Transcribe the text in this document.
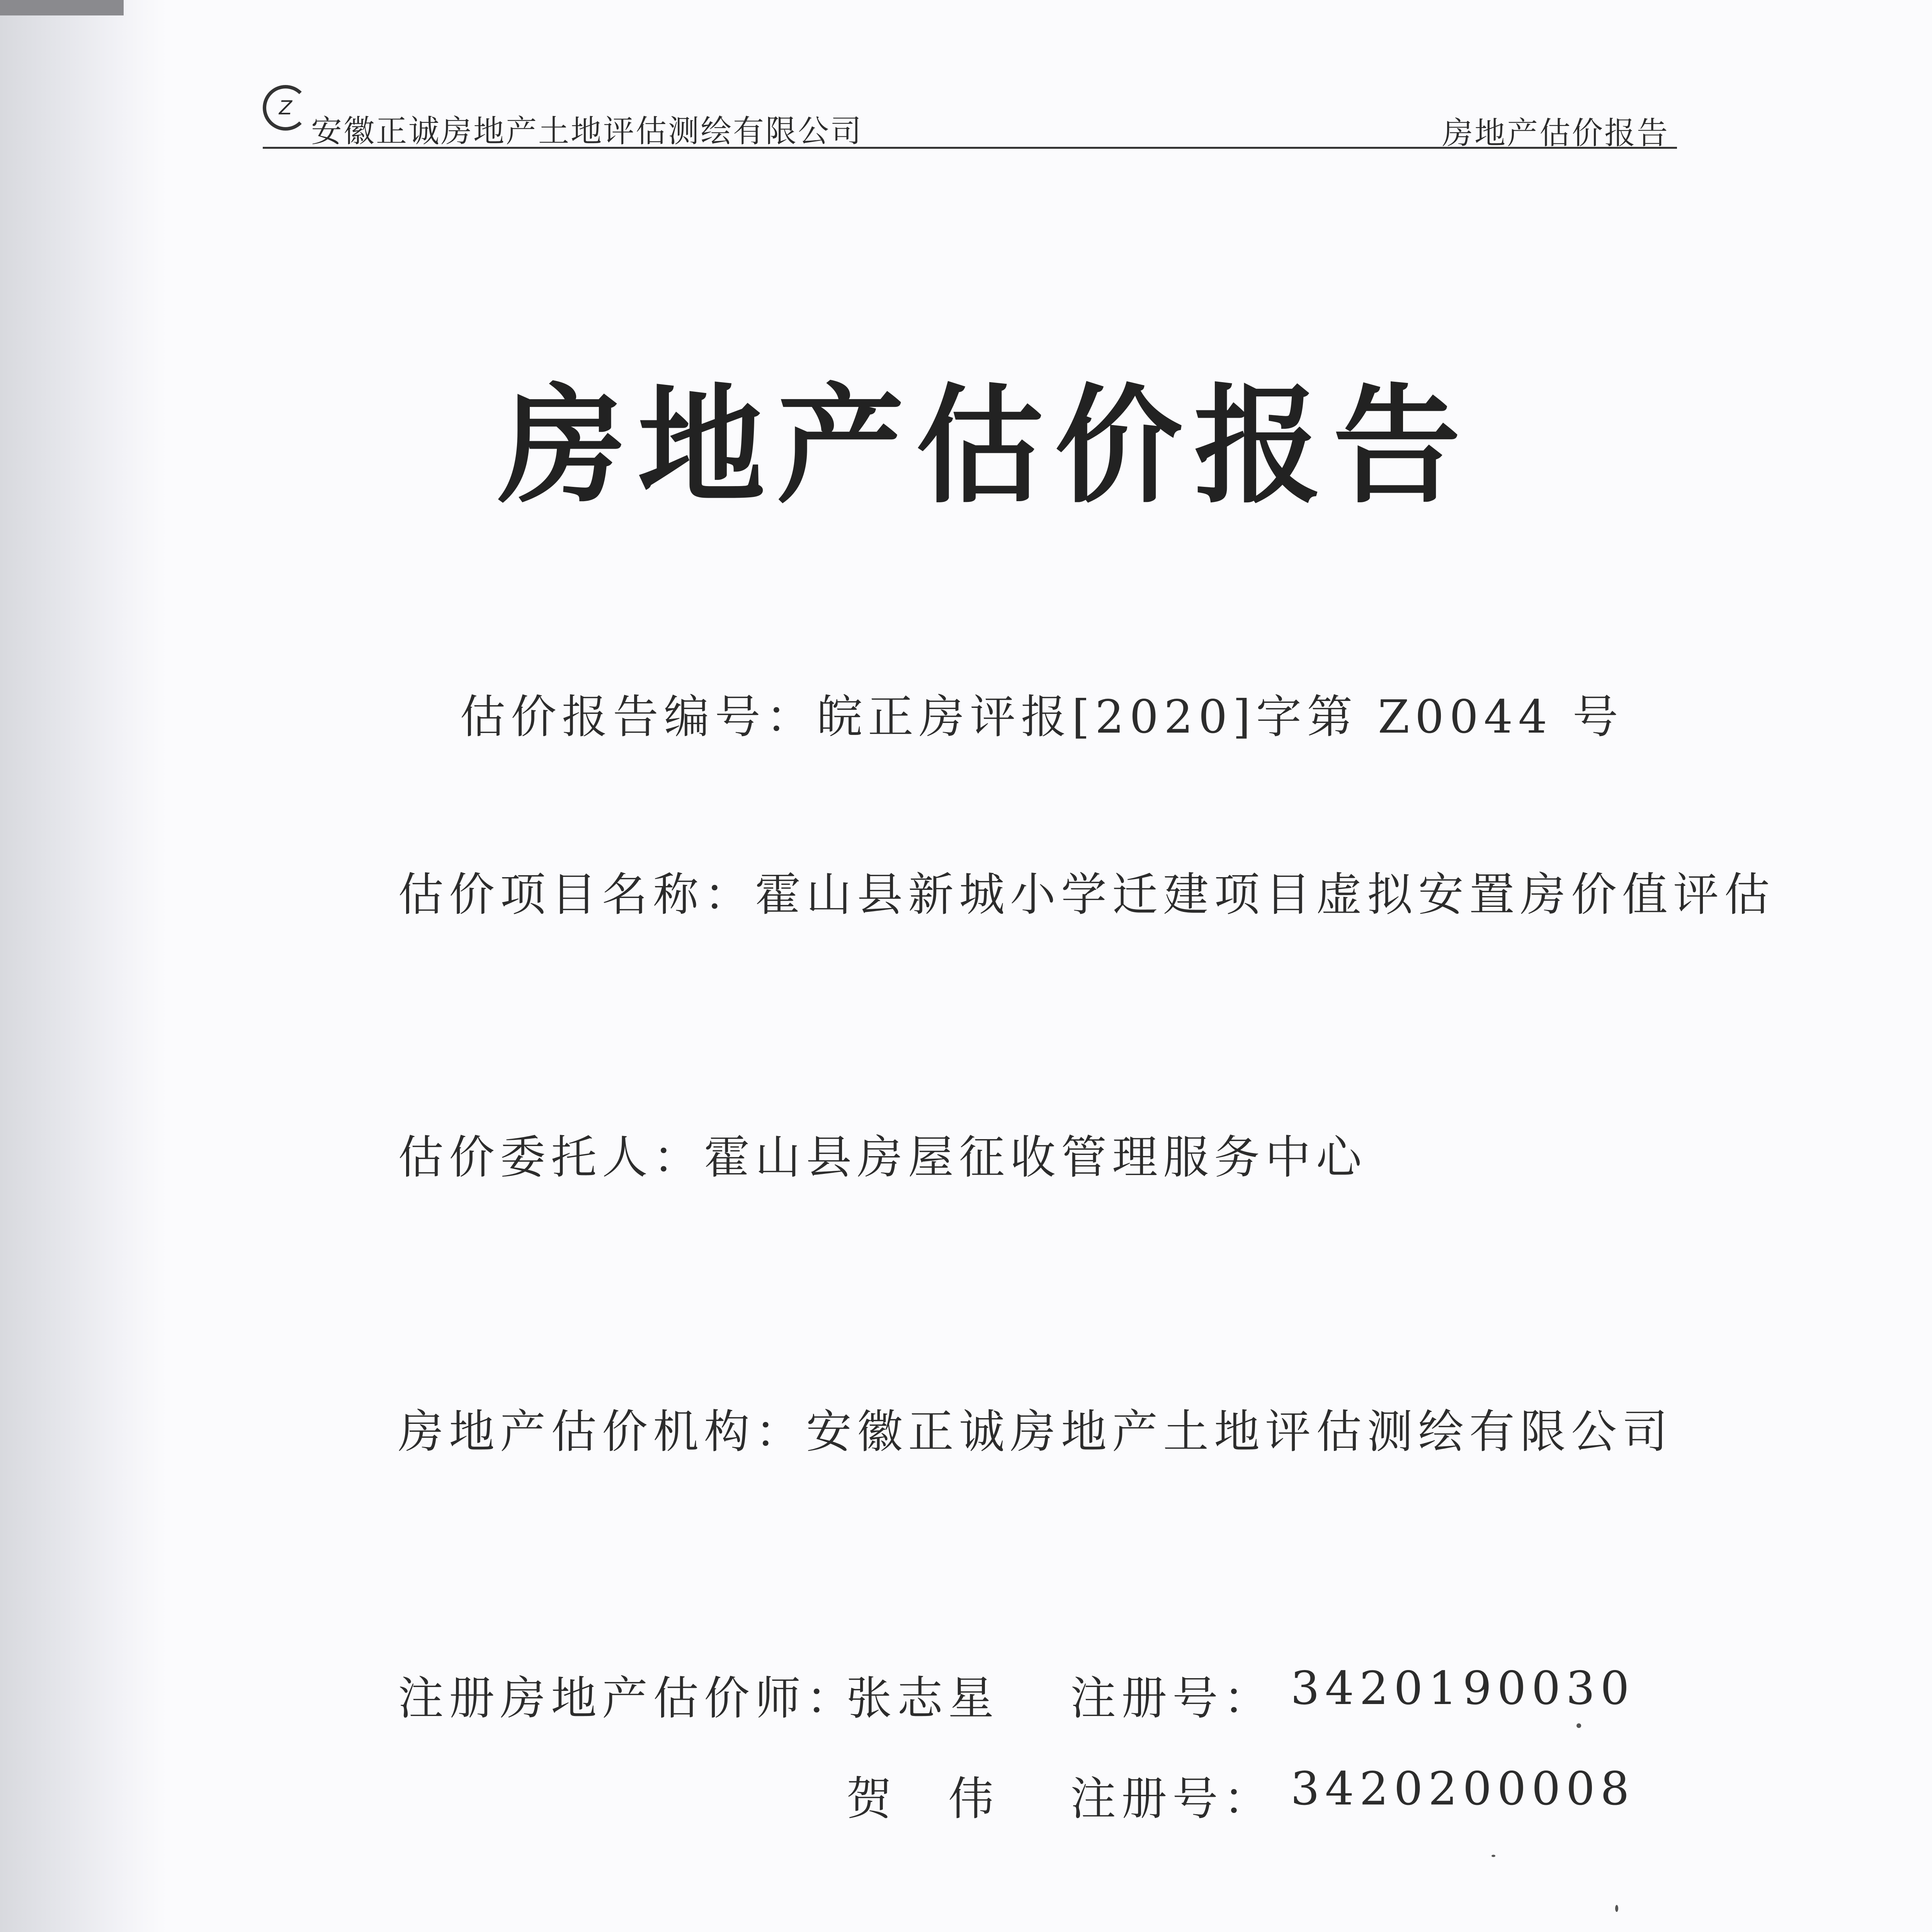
Z
安徽正诚房地产土地评估测绘有限公司	房地产估价报告
房地产估价报告
估价报告编号：皖正房评报[2020]字第 Z0044 号
估价项目名称：霍山县新城小学迁建项目虚拟安置房价值评估
估价委托人：霍山县房屋征收管理服务中心
房地产估价机构：安徽正诚房地产土地评估测绘有限公司
注册房地产估价师：
张志星 注册号： 3420190030
贺　伟 注册号： 3420200008
